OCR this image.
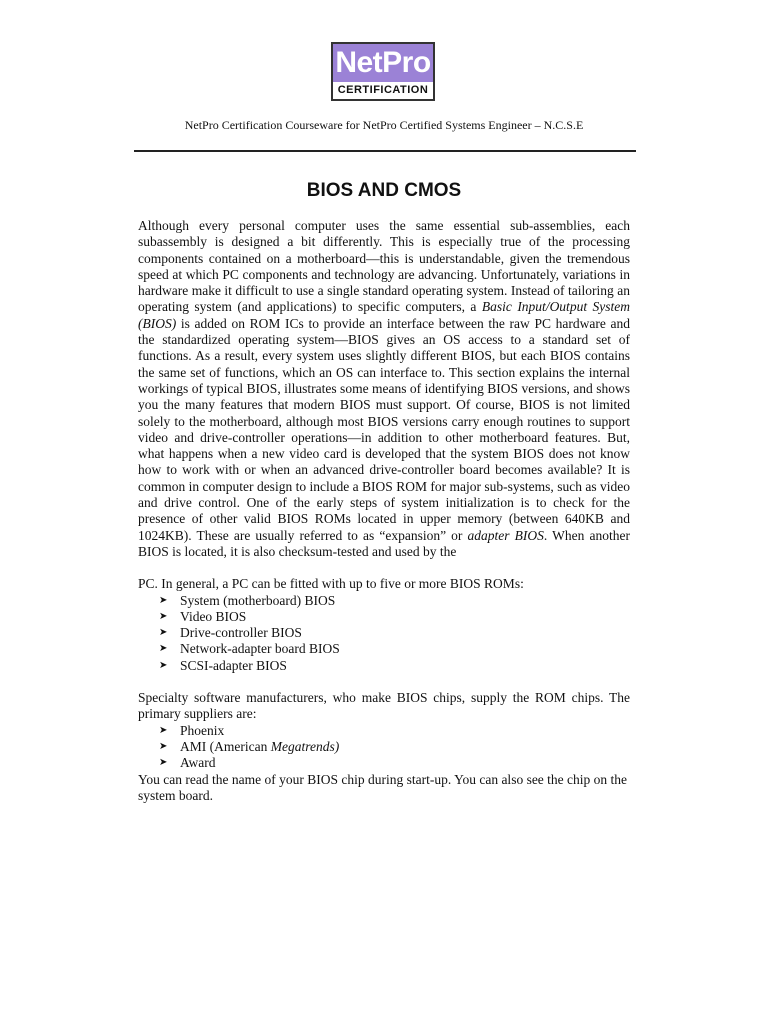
NetPro
CERTIFICATION
NetPro Certification Courseware for NetPro Certified Systems Engineer – N.C.S.E
BIOS AND CMOS

Although every personal computer uses the same essential sub-assemblies, each subassembly is designed a bit differently. This is especially true of the processing components contained on a motherboard—this is understandable, given the tremendous speed at which PC components and technology are advancing. Unfortunately, variations in hardware make it difficult to use a single standard operating system. Instead of tailoring an operating system (and applications) to specific computers, a Basic Input/Output System (BIOS) is added on ROM ICs to provide an interface between the raw PC hardware and the standardized operating system—BIOS gives an OS access to a standard set of functions. As a result, every system uses slightly different BIOS, but each BIOS contains the same set of functions, which an OS can interface to. This section explains the internal workings of typical BIOS, illustrates some means of identifying BIOS versions, and shows you the many features that modern BIOS must support. Of course, BIOS is not limited solely to the motherboard, although most BIOS versions carry enough routines to support video and drive-controller operations—in addition to other motherboard features. But, what happens when a new video card is developed that the system BIOS does not know how to work with or when an advanced drive-controller board becomes available? It is common in computer design to include a BIOS ROM for major sub-systems, such as video and drive control. One of the early steps of system initialization is to check for the presence of other valid BIOS ROMs located in upper memory (between 640KB and 1024KB). These are usually referred to as “expansion” or adapter BIOS. When another BIOS is located, it is also checksum-tested and used by the

PC. In general, a PC can be fitted with up to five or more BIOS ROMs:

➤ System (motherboard) BIOS
➤ Video BIOS
➤ Drive-controller BIOS
➤ Network-adapter board BIOS
➤ SCSI-adapter BIOS

Specialty software manufacturers, who make BIOS chips, supply the ROM chips. The primary suppliers are:

➤ Phoenix
➤ AMI (American Megatrends)
➤ Award

You can read the name of your BIOS chip during start-up. You can also see the chip on the system board.
